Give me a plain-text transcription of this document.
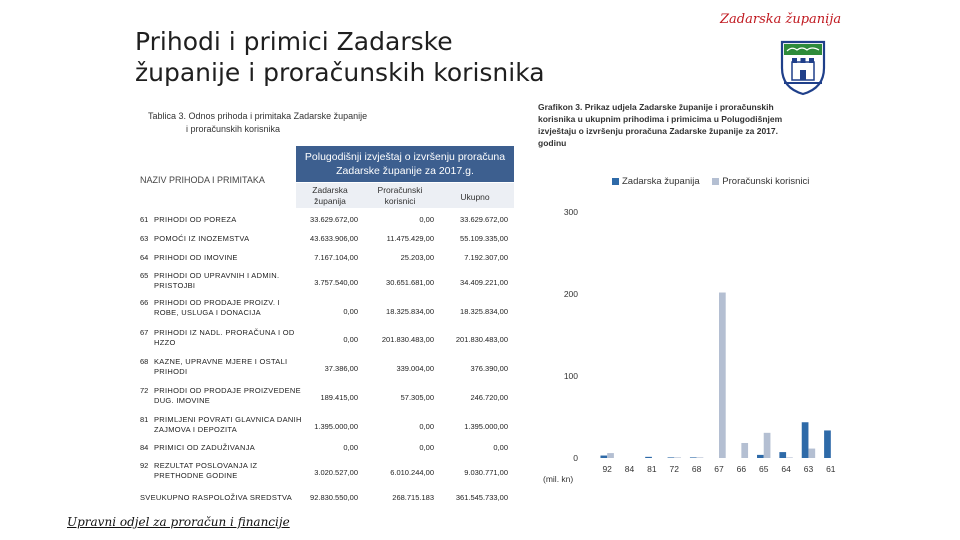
Prihodi i primici Zadarske županije i proračunskih korisnika
Zadarska županija
Tablica 3. Odnos prihoda i primitaka Zadarske županije
i proračunskih korisnika
NAZIV PRIHODA I PRIMITAKA
Polugodišnji izvještaj o izvršenju proračuna Zadarske županije za 2017.g.
Zadarska županija
Proračunski korisnici	Ukupno
61 PRIHODI OD POREZA	33.629.672,00	0,00	33.629.672,00
63 POMOĆI IZ INOZEMSTVA	43.633.906,00	11.475.429,00	55.109.335,00
64 PRIHODI OD IMOVINE	7.167.104,00	25.203,00	7.192.307,00
65 PRIHODI OD UPRAVNIH I ADMIN. PRISTOJBI	3.757.540,00	30.651.681,00	34.409.221,00
66 PRIHODI OD PRODAJE PROIZV. I ROBE, USLUGA I DONACIJA	0,00	18.325.834,00	18.325.834,00
67 PRIHODI IZ NADL. PRORAČUNA I OD HZZO	0,00	201.830.483,00	201.830.483,00
68 KAZNE, UPRAVNE MJERE I OSTALI PRIHODI	37.386,00	339.004,00	376.390,00
72 PRIHODI OD PRODAJE PROIZVEDENE DUG. IMOVINE	189.415,00	57.305,00	246.720,00
81 PRIMLJENI POVRATI GLAVNICA DANIH ZAJMOVA I DEPOZITA	1.395.000,00	0,00	1.395.000,00
84 PRIMICI OD ZADUŽIVANJA	0,00	0,00	0,00
92 REZULTAT POSLOVANJA IZ PRETHODNE GODINE	3.020.527,00	6.010.244,00	9.030.771,00
SVEUKUPNO RASPOLOŽIVA SREDSTVA	92.830.550,00	268.715.183	361.545.733,00
Upravni odjel za proračun i financije
Grafikon 3. Prikaz udjela Zadarske županije i proračunskih korisnika u ukupnim prihodima i primicima u Polugodišnjem izvještaju o izvršenju proračuna Zadarske županije za 2017. godinu
Zadarska županija Proračunski korisnici
0
100
200
300
92 84 81 72 68 67 66 65 64 63 61
(mil. kn)
